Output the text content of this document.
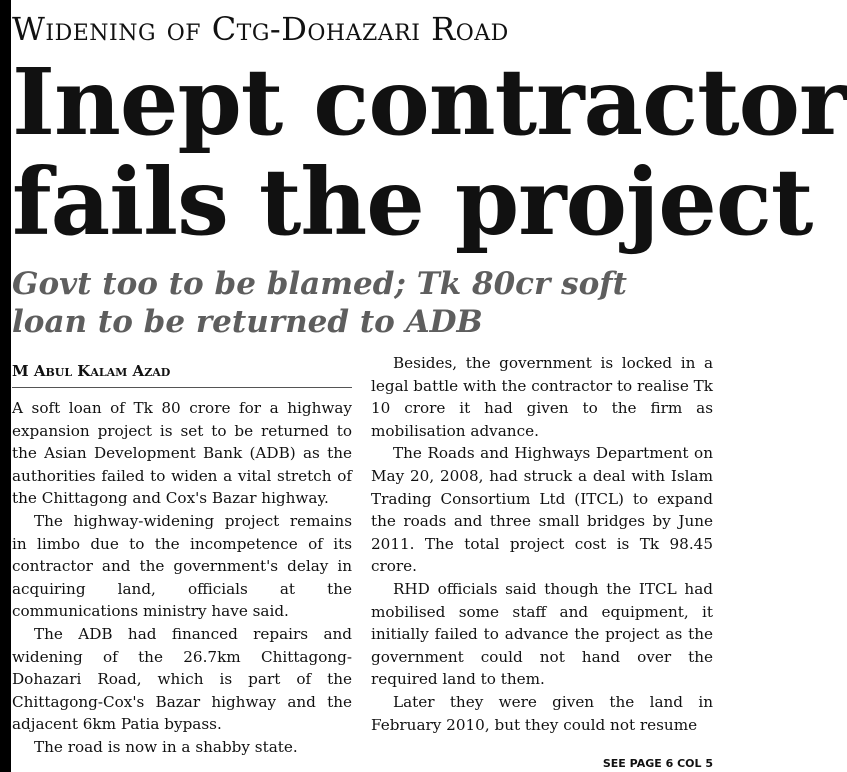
Widening of Ctg-Dohazari Road
Inept contractor
fails the project
Govt too to be blamed; Tk 80cr soft
loan to be returned to ADB
M Abul Kalam Azad

A soft loan of Tk 80 crore for a highway expansion project is set to be returned to the Asian Development Bank (ADB) as the authorities failed to widen a vital stretch of the Chittagong and Cox's Bazar highway.

The highway-widening project remains in limbo due to the incompetence of its contractor and the government's delay in acquiring land, officials at the communications ministry have said.

The ADB had financed repairs and widening of the 26.7km Chittagong-Dohazari Road, which is part of the Chittagong-Cox's Bazar highway and the adjacent 6km Patia bypass.

The road is now in a shabby state.

Besides, the government is locked in a legal battle with the contractor to realise Tk 10 crore it had given to the firm as mobilisation advance.

The Roads and Highways Department on May 20, 2008, had struck a deal with Islam Trading Consortium Ltd (ITCL) to expand the roads and three small bridges by June 2011. The total project cost is Tk 98.45 crore.

RHD officials said though the ITCL had mobilised some staff and equipment, it initially failed to advance the project as the government could not hand over the required land to them.

Later they were given the land in February 2010, but they could not resume

SEE PAGE 6 COL 5
